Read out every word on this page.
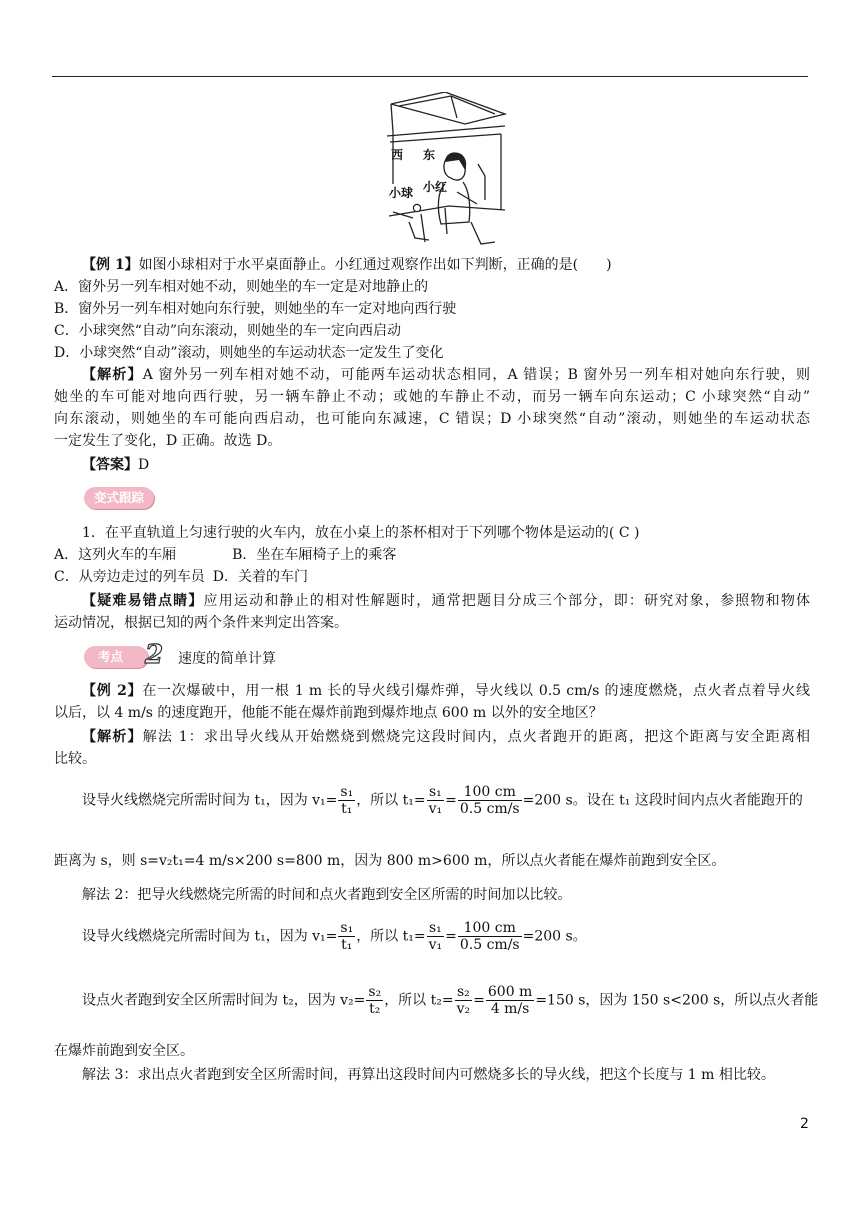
西 东
小球 小红
【例 1】如图小球相对于水平桌面静止。小红通过观察作出如下判断，正确的是(　　)
A．窗外另一列车相对她不动，则她坐的车一定是对地静止的
B．窗外另一列车相对她向东行驶，则她坐的车一定对地向西行驶
C．小球突然“自动”向东滚动，则她坐的车一定向西启动
D．小球突然“自动”滚动，则她坐的车运动状态一定发生了变化
【解析】A 窗外另一列车相对她不动，可能两车运动状态相同，A 错误；B 窗外另一列车相对她向东行驶，则
她坐的车可能对地向西行驶，另一辆车静止不动；或她的车静止不动，而另一辆车向东运动；C 小球突然“自动”
向东滚动，则她坐的车可能向西启动，也可能向东减速，C 错误；D 小球突然“自动”滚动，则她坐的车运动状态
一定发生了变化，D 正确。故选 D。
【答案】D
变式跟踪
1．在平直轨道上匀速行驶的火车内，放在小桌上的茶杯相对于下列哪个物体是运动的( C )
A．这列火车的车厢	B．坐在车厢椅子上的乘客
C．从旁边走过的列车员 D．关着的车门
【疑难易错点睛】应用运动和静止的相对性解题时，通常把题目分成三个部分，即：研究对象，参照物和物体
运动情况，根据已知的两个条件来判定出答案。
考点 2 速度的简单计算
【例 2】在一次爆破中，用一根 1 m 长的导火线引爆炸弹，导火线以 0.5 cm/s 的速度燃烧，点火者点着导火线
以后，以 4 m/s 的速度跑开，他能不能在爆炸前跑到爆炸地点 600 m 以外的安全地区？
【解析】解法 1：求出导火线从开始燃烧到燃烧完这段时间内，点火者跑开的距离，把这个距离与安全距离相
比较。
设导火线燃烧完所需时间为 t₁，因为 $v_1= \frac{\text{s₁}}{\text{t₁}}$ ，所以 $t_1= \frac{\text{s₁}}{\text{v₁}} = \frac{100 cm}{0.5 cm/s} =200$ s。设在 t₁ 这段时间内点火者能跑开的
距离为 s，则 s=v₂t₁=4 m/s×200 s=800 m，因为 800 m>600 m，所以点火者能在爆炸前跑到安全区。
解法 2：把导火线燃烧完所需的时间和点火者跑到安全区所需的时间加以比较。
设导火线燃烧完所需时间为 t₁，因为 $v_1= \frac{\text{s₁}}{\text{t₁}}$ ，所以 $t_1= \frac{\text{s₁}}{\text{v₁}} = \frac{100 cm}{0.5 cm/s} =200$ s。
设点火者跑到安全区所需时间为 t₂，因为 $v_2= \frac{\text{s₂}}{\text{t₂}}$ ，所以 $t_2= \frac{\text{s₂}}{\text{v₂}} = \frac{600 m}{4 m/s} =150$ s，因为 150 s<200 s，所以点火者能
在爆炸前跑到安全区。
解法 3：求出点火者跑到安全区所需时间，再算出这段时间内可燃烧多长的导火线，把这个长度与 1 m 相比较。
2
